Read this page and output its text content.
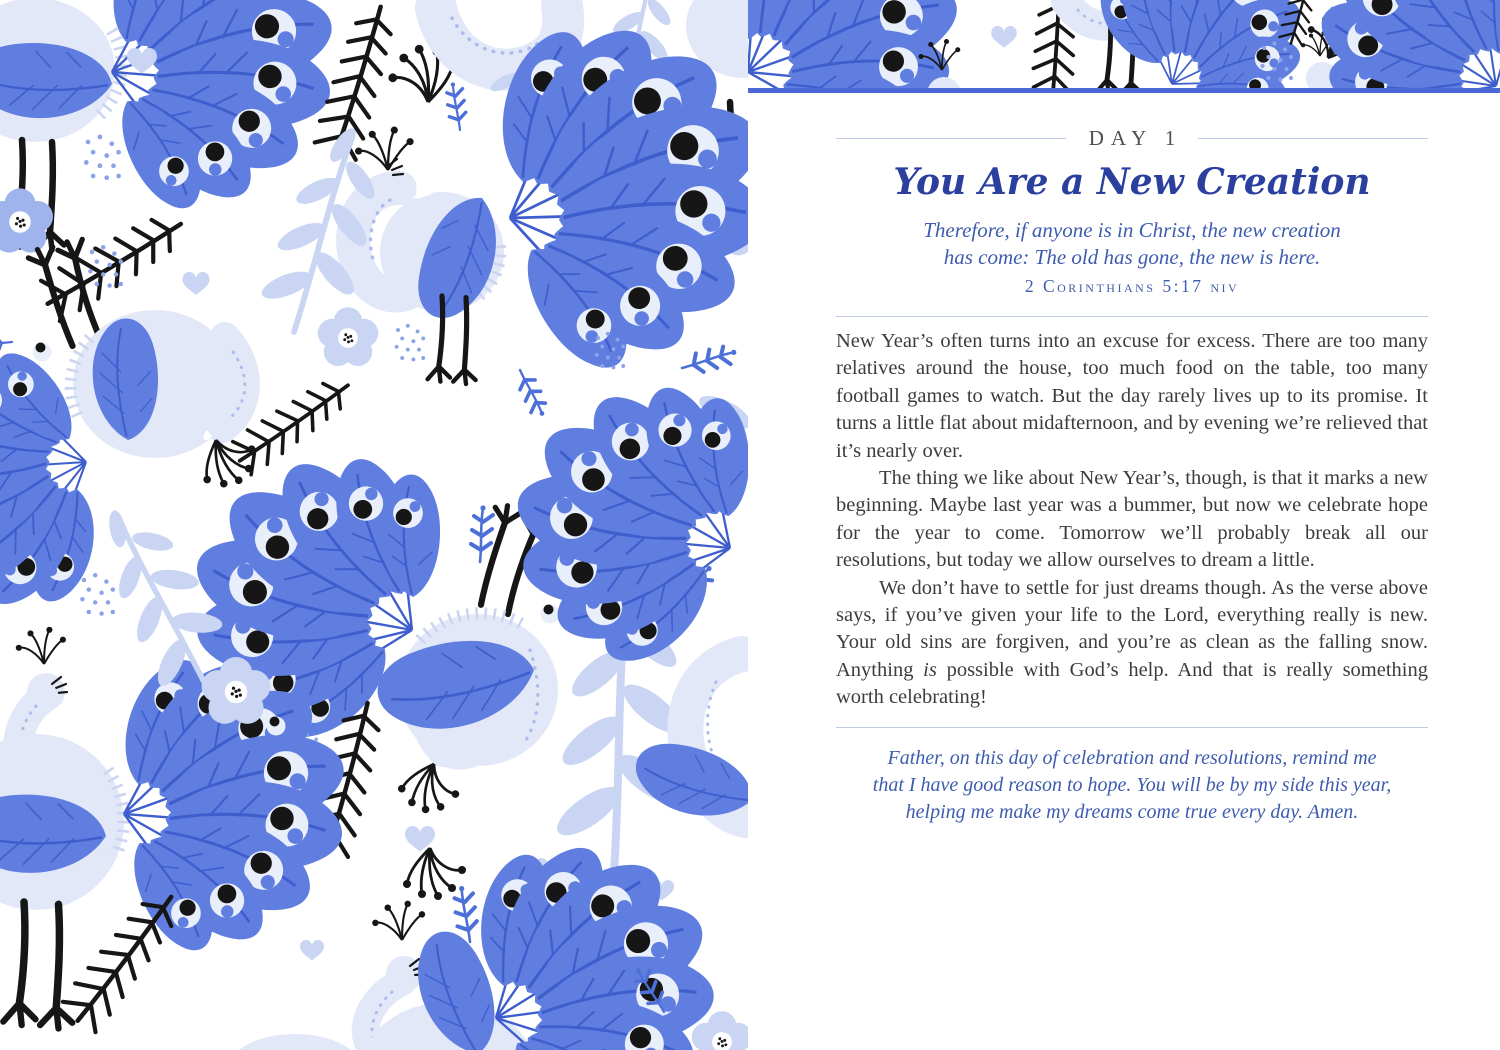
DAY 1
You Are a New Creation
Therefore, if anyone is in Christ, the new creation
has come: The old has gone, the new is here.
2 Corinthians 5:17 niv

New Year’s often turns into an excuse for excess. There are too many relatives around the house, too much food on the table, too many football games to watch. But the day rarely lives up to its promise. It turns a little flat about midafternoon, and by evening we’re relieved that it’s nearly over.

The thing we like about New Year’s, though, is that it marks a new beginning. Maybe last year was a bummer, but now we celebrate hope for the year to come. Tomorrow we’ll probably break all our resolutions, but today we allow ourselves to dream a little.

We don’t have to settle for just dreams though. As the verse above says, if you’ve given your life to the Lord, everything really is new. Your old sins are forgiven, and you’re as clean as the falling snow. Anything is possible with God’s help. And that is really something worth celebrating!

Father, on this day of celebration and resolutions, remind me
that I have good reason to hope. You will be by my side this year,
helping me make my dreams come true every day. Amen.
